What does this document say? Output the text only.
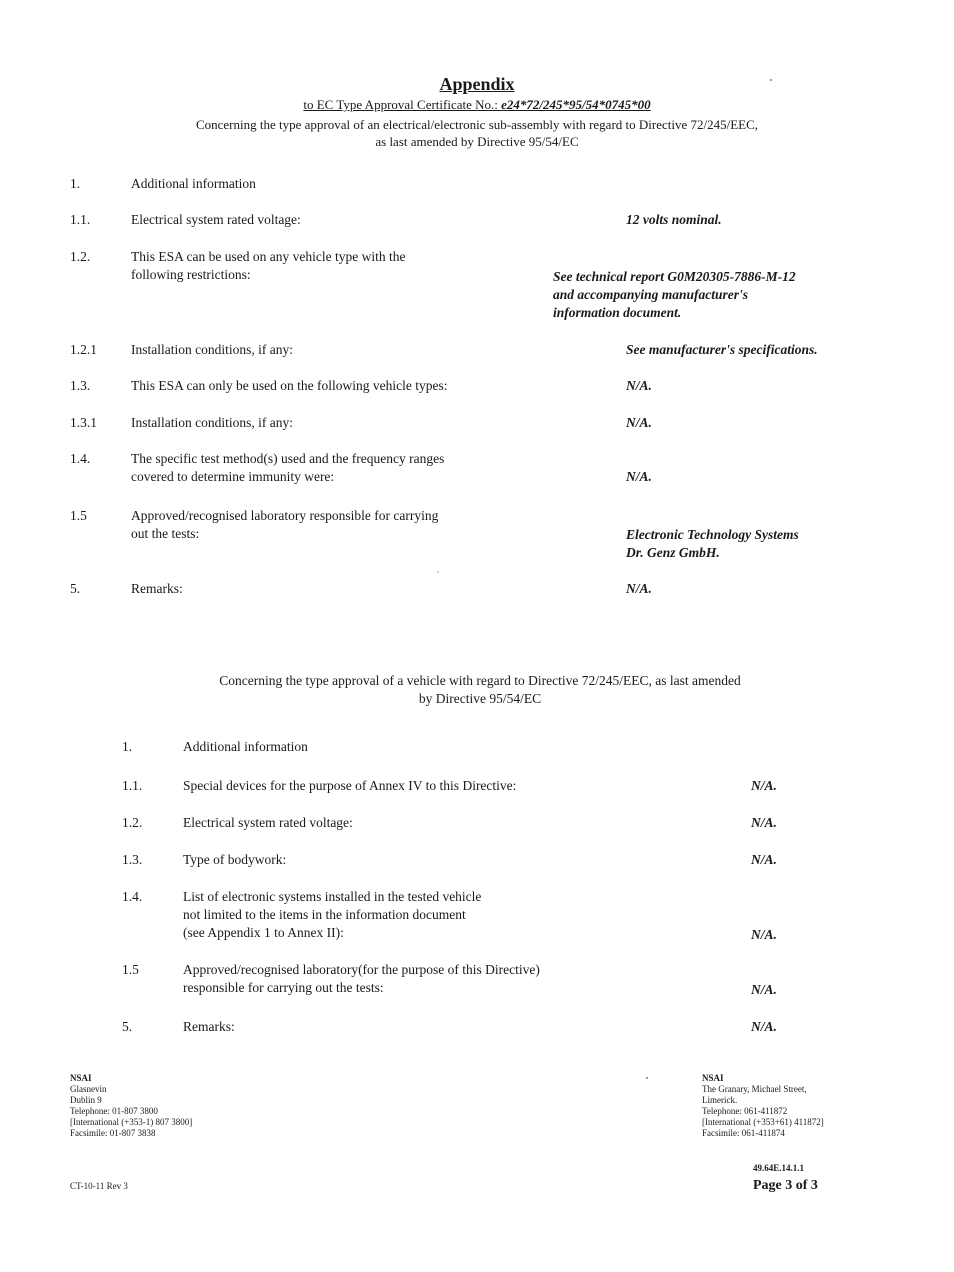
Appendix
to EC Type Approval Certificate No.: e24*72/245*95/54*0745*00
Concerning the type approval of an electrical/electronic sub-assembly with regard to Directive 72/245/EEC,
as last amended by Directive 95/54/EC
1.	Additional information
1.1.	Electrical system rated voltage:	12 volts nominal.
1.2.	This ESA can be used on any vehicle type with the
following restrictions:	See technical report G0M20305-7886-M-12
and accompanying manufacturer's
information document.
1.2.1	Installation conditions, if any:	See manufacturer's specifications.
1.3.	This ESA can only be used on the following vehicle types:	N/A.
1.3.1	Installation conditions, if any:	N/A.
1.4.	The specific test method(s) used and the frequency ranges
covered to determine immunity were:	N/A.
1.5	Approved/recognised laboratory responsible for carrying
out the tests:	Electronic Technology Systems
Dr. Genz GmbH.
5.	Remarks:	N/A.
Concerning the type approval of a vehicle with regard to Directive 72/245/EEC, as last amended
by Directive 95/54/EC
1.	Additional information
1.1.	Special devices for the purpose of Annex IV to this Directive:	N/A.
1.2.	Electrical system rated voltage:	N/A.
1.3.	Type of bodywork:	N/A.
1.4.	List of electronic systems installed in the tested vehicle
not limited to the items in the information document
(see Appendix 1 to Annex II):	N/A.
1.5	Approved/recognised laboratory(for the purpose of this Directive)
responsible for carrying out the tests:	N/A.
5.	Remarks:	N/A.
NSAI
Glasnevin
Dublin 9
Telephone: 01-807 3800
[International (+353-1) 807 3800]
Facsimile: 01-807 3838
NSAI
The Granary, Michael Street,
Limerick.
Telephone: 061-411872
[International (+353+61) 411872]
Facsimile: 061-411874
49.64E.14.1.1
Page 3 of 3
CT-10-11 Rev 3
